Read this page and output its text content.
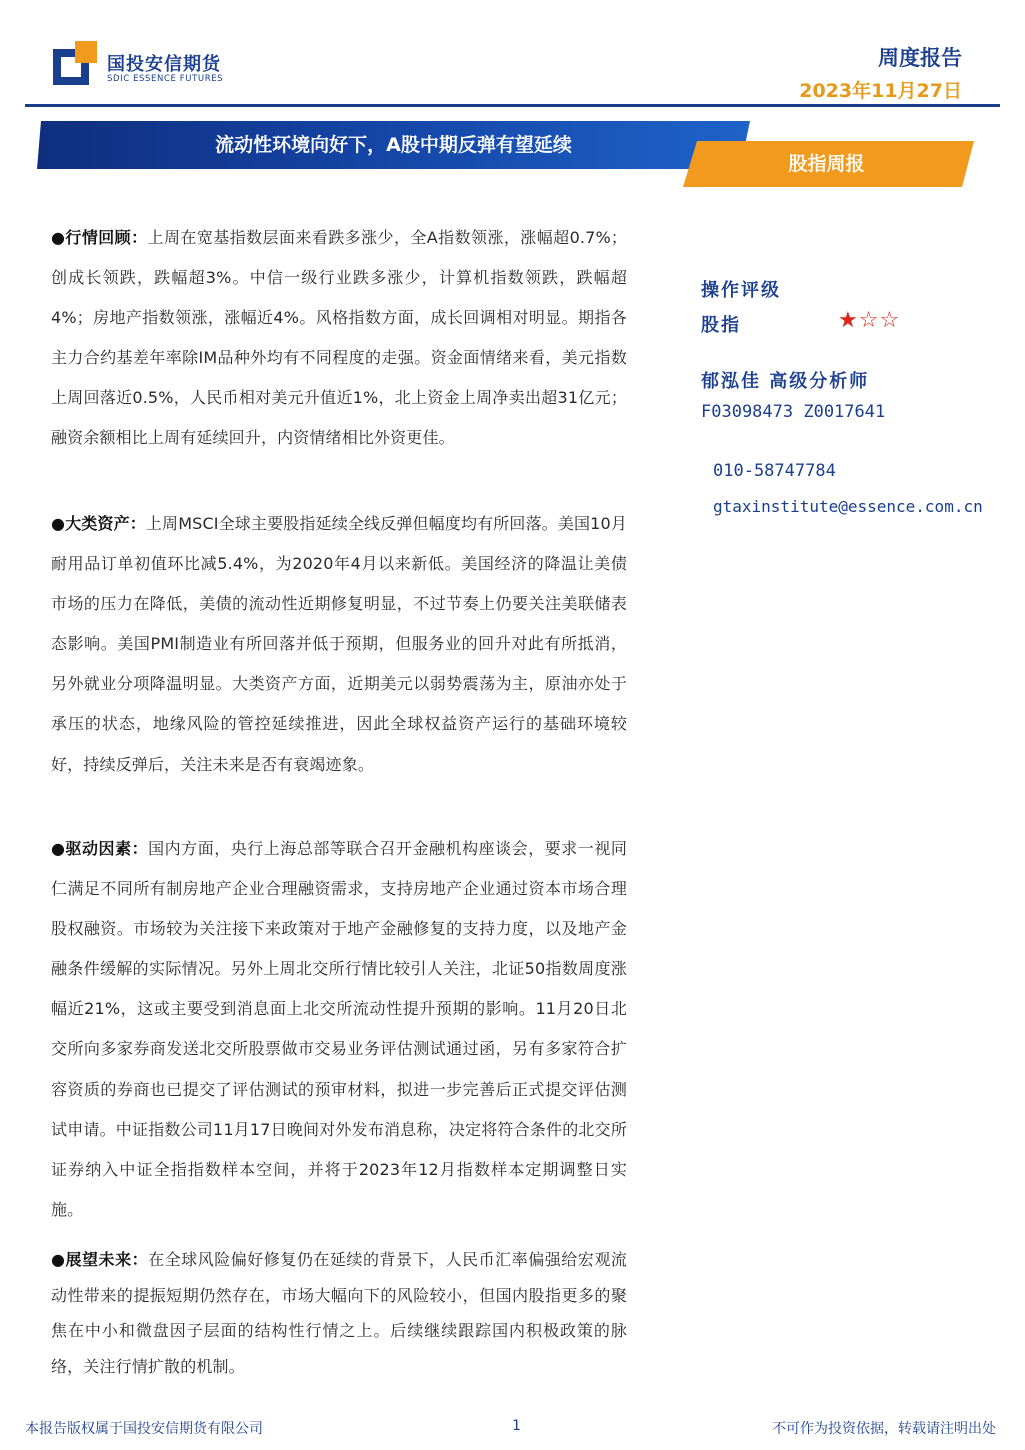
国投安信期货
SDIC ESSENCE FUTURES
周度报告
2023年11月27日
流动性环境向好下，A股中期反弹有望延续
股指周报
●行情回顾：上周在宽基指数层面来看跌多涨少，全A指数领涨，涨幅超0.7%；创成长领跌，跌幅超3%。中信一级行业跌多涨少，计算机指数领跌，跌幅超4%；房地产指数领涨，涨幅近4%。风格指数方面，成长回调相对明显。期指各主力合约基差年率除IM品种外均有不同程度的走强。资金面情绪来看，美元指数上周回落近0.5%，人民币相对美元升值近1%，北上资金上周净卖出超31亿元；融资余额相比上周有延续回升，内资情绪相比外资更佳。
●大类资产：上周MSCI全球主要股指延续全线反弹但幅度均有所回落。美国10月耐用品订单初值环比减5.4%，为2020年4月以来新低。美国经济的降温让美债市场的压力在降低，美债的流动性近期修复明显，不过节奏上仍要关注美联储表态影响。美国PMI制造业有所回落并低于预期，但服务业的回升对此有所抵消，另外就业分项降温明显。大类资产方面，近期美元以弱势震荡为主，原油亦处于承压的状态，地缘风险的管控延续推进，因此全球权益资产运行的基础环境较好，持续反弹后，关注未来是否有衰竭迹象。
●驱动因素：国内方面，央行上海总部等联合召开金融机构座谈会，要求一视同仁满足不同所有制房地产企业合理融资需求，支持房地产企业通过资本市场合理股权融资。市场较为关注接下来政策对于地产金融修复的支持力度，以及地产金融条件缓解的实际情况。另外上周北交所行情比较引人关注，北证50指数周度涨幅近21%，这或主要受到消息面上北交所流动性提升预期的影响。11月20日北交所向多家券商发送北交所股票做市交易业务评估测试通过函，另有多家符合扩容资质的券商也已提交了评估测试的预审材料，拟进一步完善后正式提交评估测试申请。中证指数公司11月17日晚间对外发布消息称，决定将符合条件的北交所证券纳入中证全指指数样本空间，并将于2023年12月指数样本定期调整日实施。
●展望未来：在全球风险偏好修复仍在延续的背景下，人民币汇率偏强给宏观流动性带来的提振短期仍然存在，市场大幅向下的风险较小，但国内股指更多的聚焦在中小和微盘因子层面的结构性行情之上。后续继续跟踪国内积极政策的脉络，关注行情扩散的机制。
操作评级
股指	★☆☆
郁泓佳 高级分析师
F03098473 Z0017641
010-58747784
gtaxinstitute@essence.com.cn
本报告版权属于国投安信期货有限公司	1	不可作为投资依据，转载请注明出处
